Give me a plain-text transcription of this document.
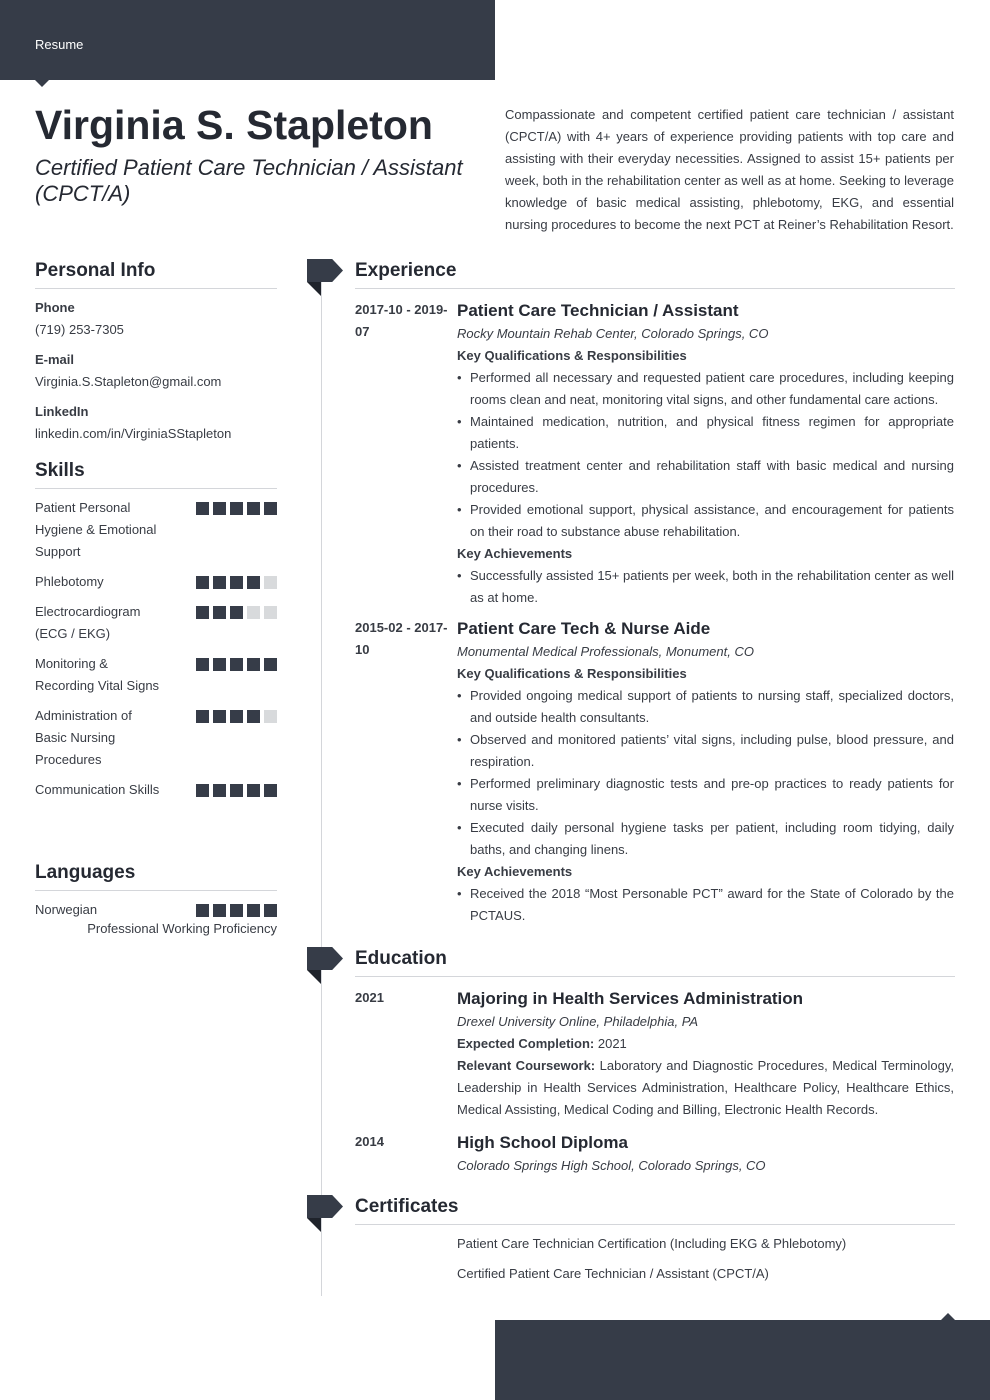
Resume
Virginia S. Stapleton
Certified Patient Care Technician / Assistant (CPCT/A)

Compassionate and competent certified patient care technician / assistant (CPCT/A) with 4+ years of experience providing patients with top care and assisting with their everyday necessities. Assigned to assist 15+ patients per week, both in the rehabilitation center as well as at home. Seeking to leverage knowledge of basic medical assisting, phlebotomy, EKG, and essential nursing procedures to become the next PCT at Reiner’s Rehabilitation Resort.

Personal Info
Phone
(719) 253-7305
E-mail
Virginia.S.Stapleton@gmail.com
LinkedIn
linkedin.com/in/VirginiaSStapleton
Skills
Patient Personal Hygiene & Emotional Support
Phlebotomy
Electrocardiogram (ECG / EKG)
Monitoring & Recording Vital Signs
Administration of Basic Nursing Procedures
Communication Skills
Languages
Norwegian
Professional Working Proficiency
Experience
2017-10 - 2019-07
Patient Care Technician / Assistant
Rocky Mountain Rehab Center, Colorado Springs, CO
Key Qualifications & Responsibilities
• Performed all necessary and requested patient care procedures, including keeping rooms clean and neat, monitoring vital signs, and other fundamental care actions.
• Maintained medication, nutrition, and physical fitness regimen for appropriate patients.
• Assisted treatment center and rehabilitation staff with basic medical and nursing procedures.
• Provided emotional support, physical assistance, and encouragement for patients on their road to substance abuse rehabilitation.
Key Achievements
• Successfully assisted 15+ patients per week, both in the rehabilitation center as well as at home.
2015-02 - 2017-10
Patient Care Tech & Nurse Aide
Monumental Medical Professionals, Monument, CO
Key Qualifications & Responsibilities
• Provided ongoing medical support of patients to nursing staff, specialized doctors, and outside health consultants.
• Observed and monitored patients’ vital signs, including pulse, blood pressure, and respiration.
• Performed preliminary diagnostic tests and pre-op practices to ready patients for nurse visits.
• Executed daily personal hygiene tasks per patient, including room tidying, daily baths, and changing linens.
Key Achievements
• Received the 2018 “Most Personable PCT” award for the State of Colorado by the PCTAUS.
Education
2021	Majoring in Health Services Administration
Drexel University Online, Philadelphia, PA
Expected Completion: 2021
Relevant Coursework: Laboratory and Diagnostic Procedures, Medical Terminology, Leadership in Health Services Administration, Healthcare Policy, Healthcare Ethics, Medical Assisting, Medical Coding and Billing, Electronic Health Records.
2014	High School Diploma
Colorado Springs High School, Colorado Springs, CO
Certificates
Patient Care Technician Certification (Including EKG & Phlebotomy)
Certified Patient Care Technician / Assistant (CPCT/A)
